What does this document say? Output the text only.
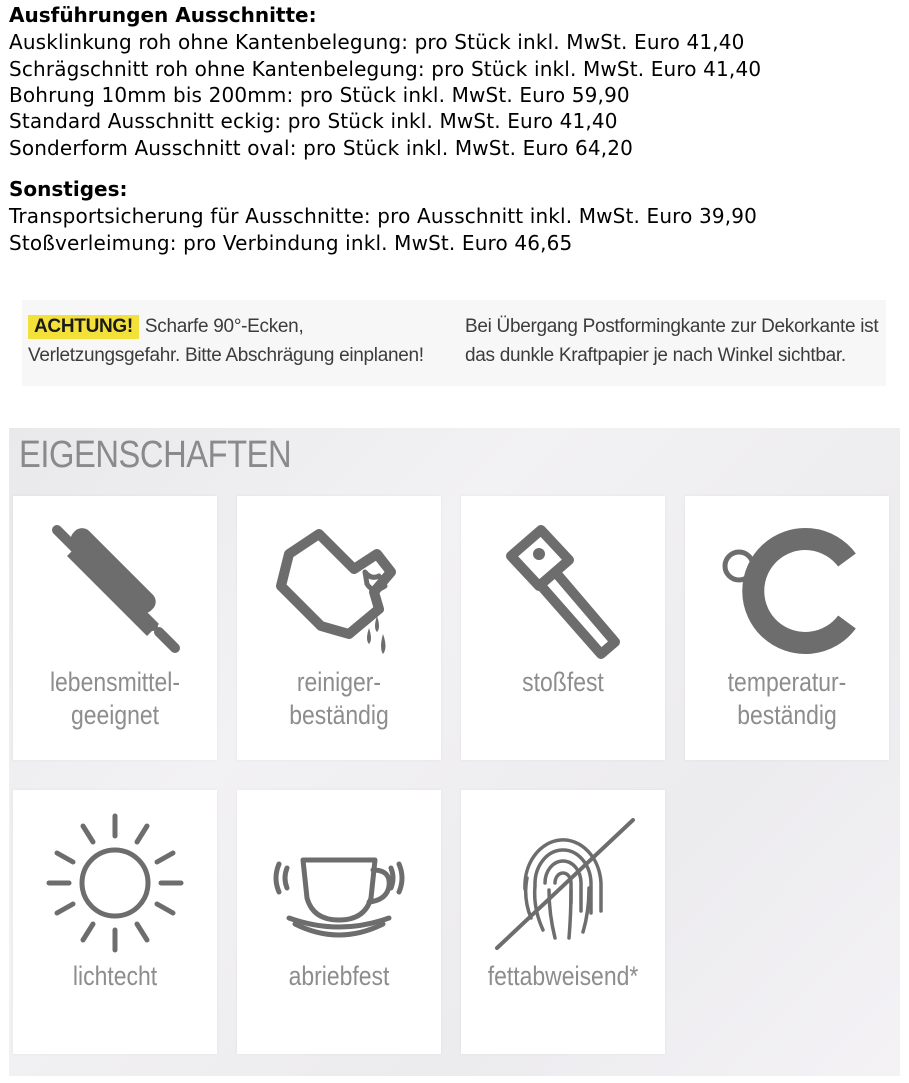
Ausführungen Ausschnitte:
Ausklinkung roh ohne Kantenbelegung: pro Stück inkl. MwSt. Euro 41,40
Schrägschnitt roh ohne Kantenbelegung: pro Stück inkl. MwSt. Euro 41,40
Bohrung 10mm bis 200mm: pro Stück inkl. MwSt. Euro 59,90
Standard Ausschnitt eckig: pro Stück inkl. MwSt. Euro 41,40
Sonderform Ausschnitt oval: pro Stück inkl. MwSt. Euro 64,20
Sonstiges:
Transportsicherung für Ausschnitte: pro Ausschnitt inkl. MwSt. Euro 39,90
Stoßverleimung: pro Verbindung inkl. MwSt. Euro 46,65
ACHTUNG! Scharfe 90°-Ecken,
Verletzungsgefahr. Bitte Abschrägung einplanen!
Bei Übergang Postformingkante zur Dekorkante ist
das dunkle Kraftpapier je nach Winkel sichtbar.
EIGENSCHAFTEN
lebensmittel-
geeignet
reiniger-
beständig
stoßfest	temperatur-
beständig
lichtecht	abriebfest	fettabweisend*
